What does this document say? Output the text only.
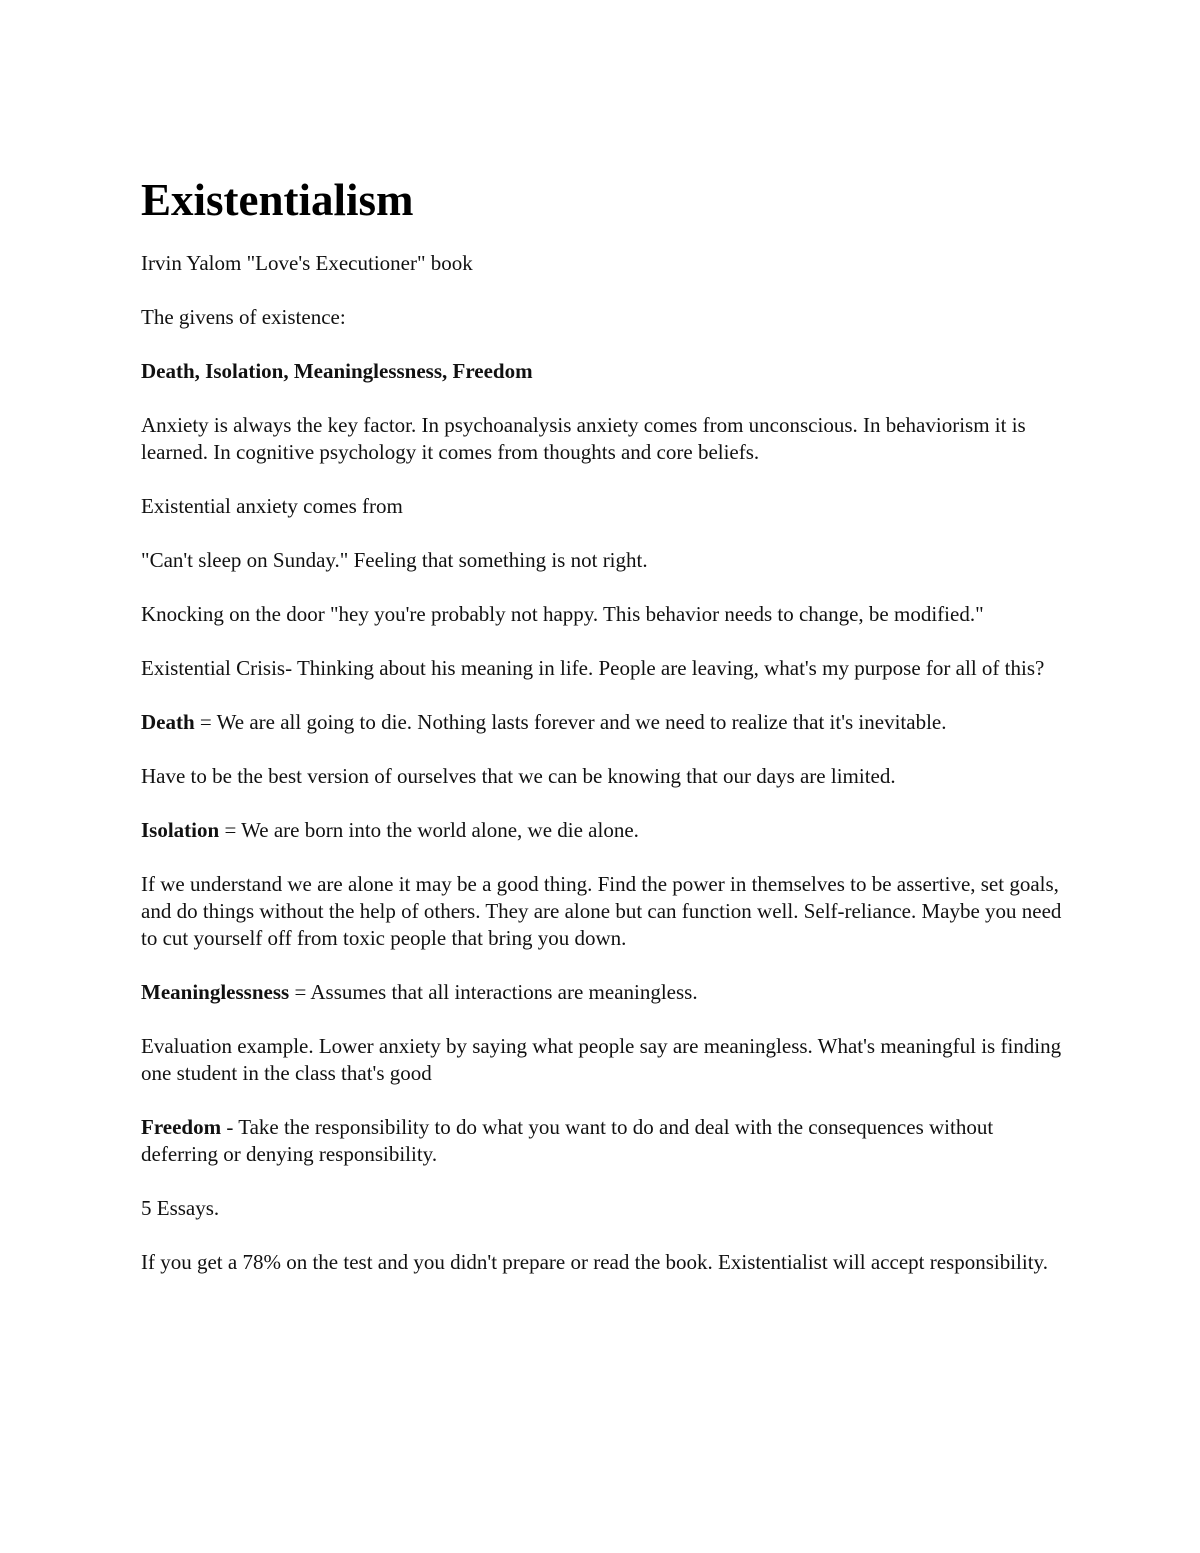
Existentialism

Irvin Yalom "Love's Executioner" book

The givens of existence:

Death, Isolation, Meaninglessness, Freedom

Anxiety is always the key factor. In psychoanalysis anxiety comes from unconscious. In behaviorism it is learned. In cognitive psychology it comes from thoughts and core beliefs.

Existential anxiety comes from

"Can't sleep on Sunday." Feeling that something is not right.

Knocking on the door "hey you're probably not happy. This behavior needs to change, be modified."

Existential Crisis- Thinking about his meaning in life. People are leaving, what's my purpose for all of this?

Death = We are all going to die. Nothing lasts forever and we need to realize that it's inevitable.

Have to be the best version of ourselves that we can be knowing that our days are limited.

Isolation = We are born into the world alone, we die alone.

If we understand we are alone it may be a good thing. Find the power in themselves to be assertive, set goals, and do things without the help of others. They are alone but can function well. Self-reliance. Maybe you need to cut yourself off from toxic people that bring you down.

Meaninglessness = Assumes that all interactions are meaningless.

Evaluation example. Lower anxiety by saying what people say are meaningless. What's meaningful is finding one student in the class that's good

Freedom - Take the responsibility to do what you want to do and deal with the consequences without deferring or denying responsibility.

5 Essays.

If you get a 78% on the test and you didn't prepare or read the book. Existentialist will accept responsibility.
